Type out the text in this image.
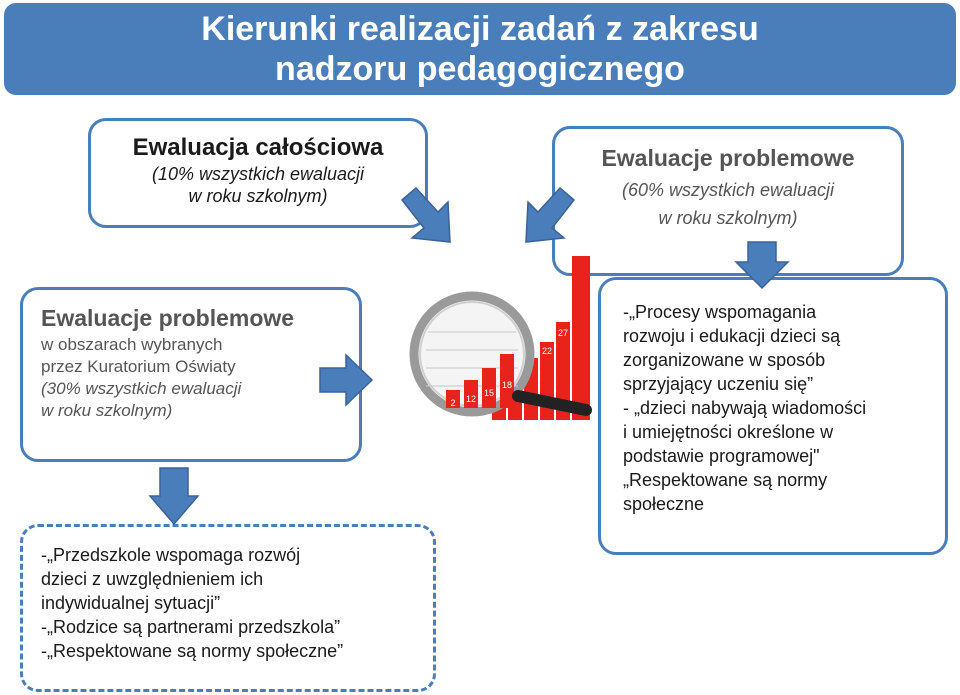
Kierunki realizacji zadań z zakresu
nadzoru pedagogicznego
Ewaluacja całościowa
(10% wszystkich ewaluacji
w roku szkolnym)
Ewaluacje problemowe
(60% wszystkich ewaluacji
w roku szkolnym)
Ewaluacje problemowe
w obszarach wybranych
przez Kuratorium Oświaty
(30% wszystkich ewaluacji
w roku szkolnym)
-„Przedszkole wspomaga rozwój
dzieci z uwzględnieniem ich
indywidualnej sytuacji”
-„Rodzice są partnerami przedszkola”
-„Respektowane są normy społeczne”
-„Procesy wspomagania
rozwoju i edukacji dzieci są
zorganizowane w sposób
sprzyjający uczeniu się”
- „dzieci nabywają wiadomości
i umiejętności określone w
podstawie programowej"
„Respektowane są normy
społeczne
2 12
15
18
22
27
